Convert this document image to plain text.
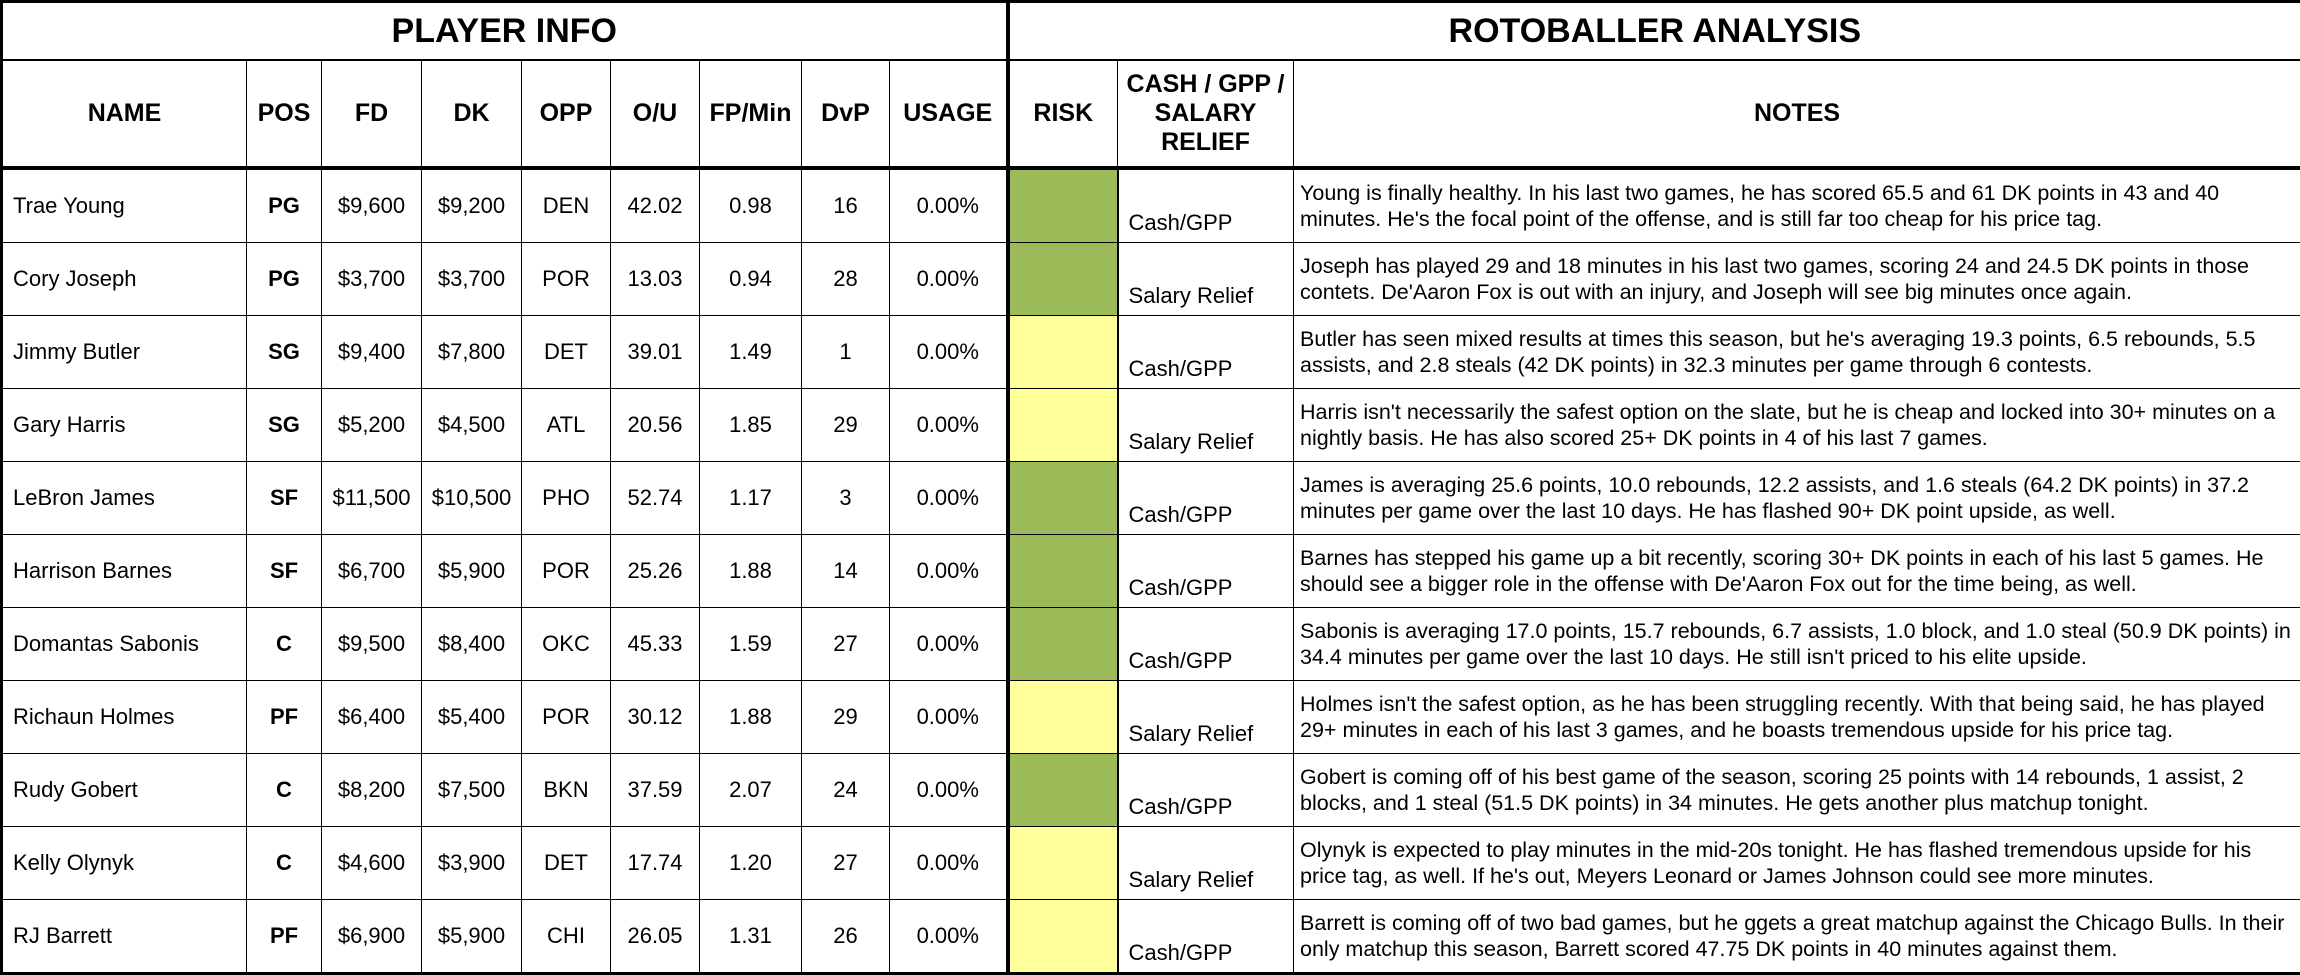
PLAYER INFO									ROTOBALLER ANALYSIS		
NAME	POS	FD	DK	OPP	O/U	FP/Min	DvP	USAGE	RISK	CASH / GPP / SALARY RELIEF	NOTES
Trae Young	PG	$9,600	$9,200	DEN	42.02	0.98	16	0.00%		Cash/GPP	Young is finally healthy. In his last two games, he has scored 65.5 and 61 DK points in 43 and 40 minutes. He's the focal point of the offense, and is still far too cheap for his price tag.
Cory Joseph	PG	$3,700	$3,700	POR	13.03	0.94	28	0.00%		Salary Relief	Joseph has played 29 and 18 minutes in his last two games, scoring 24 and 24.5 DK points in those contets. De'Aaron Fox is out with an injury, and Joseph will see big minutes once again.
Jimmy Butler	SG	$9,400	$7,800	DET	39.01	1.49	1	0.00%		Cash/GPP	Butler has seen mixed results at times this season, but he's averaging 19.3 points, 6.5 rebounds, 5.5 assists, and 2.8 steals (42 DK points) in 32.3 minutes per game through 6 contests.
Gary Harris	SG	$5,200	$4,500	ATL	20.56	1.85	29	0.00%		Salary Relief	Harris isn't necessarily the safest option on the slate, but he is cheap and locked into 30+ minutes on a nightly basis. He has also scored 25+ DK points in 4 of his last 7 games.
LeBron James	SF	$11,500	$10,500	PHO	52.74	1.17	3	0.00%		Cash/GPP	James is averaging 25.6 points, 10.0 rebounds, 12.2 assists, and 1.6 steals (64.2 DK points) in 37.2 minutes per game over the last 10 days. He has flashed 90+ DK point upside, as well.
Harrison Barnes	SF	$6,700	$5,900	POR	25.26	1.88	14	0.00%		Cash/GPP	Barnes has stepped his game up a bit recently, scoring 30+ DK points in each of his last 5 games. He should see a bigger role in the offense with De'Aaron Fox out for the time being, as well.
Domantas Sabonis	C	$9,500	$8,400	OKC	45.33	1.59	27	0.00%		Cash/GPP	Sabonis is averaging 17.0 points, 15.7 rebounds, 6.7 assists, 1.0 block, and 1.0 steal (50.9 DK points) in 34.4 minutes per game over the last 10 days. He still isn't priced to his elite upside.
Richaun Holmes	PF	$6,400	$5,400	POR	30.12	1.88	29	0.00%		Salary Relief	Holmes isn't the safest option, as he has been struggling recently. With that being said, he has played 29+ minutes in each of his last 3 games, and he boasts tremendous upside for his price tag.
Rudy Gobert	C	$8,200	$7,500	BKN	37.59	2.07	24	0.00%		Cash/GPP	Gobert is coming off of his best game of the season, scoring 25 points with 14 rebounds, 1 assist, 2 blocks, and 1 steal (51.5 DK points) in 34 minutes. He gets another plus matchup tonight.
Kelly Olynyk	C	$4,600	$3,900	DET	17.74	1.20	27	0.00%		Salary Relief	Olynyk is expected to play minutes in the mid-20s tonight. He has flashed tremendous upside for his price tag, as well. If he's out, Meyers Leonard or James Johnson could see more minutes.
RJ Barrett	PF	$6,900	$5,900	CHI	26.05	1.31	26	0.00%		Cash/GPP	Barrett is coming off of two bad games, but he ggets a great matchup against the Chicago Bulls. In their only matchup this season, Barrett scored 47.75 DK points in 40 minutes against them.
